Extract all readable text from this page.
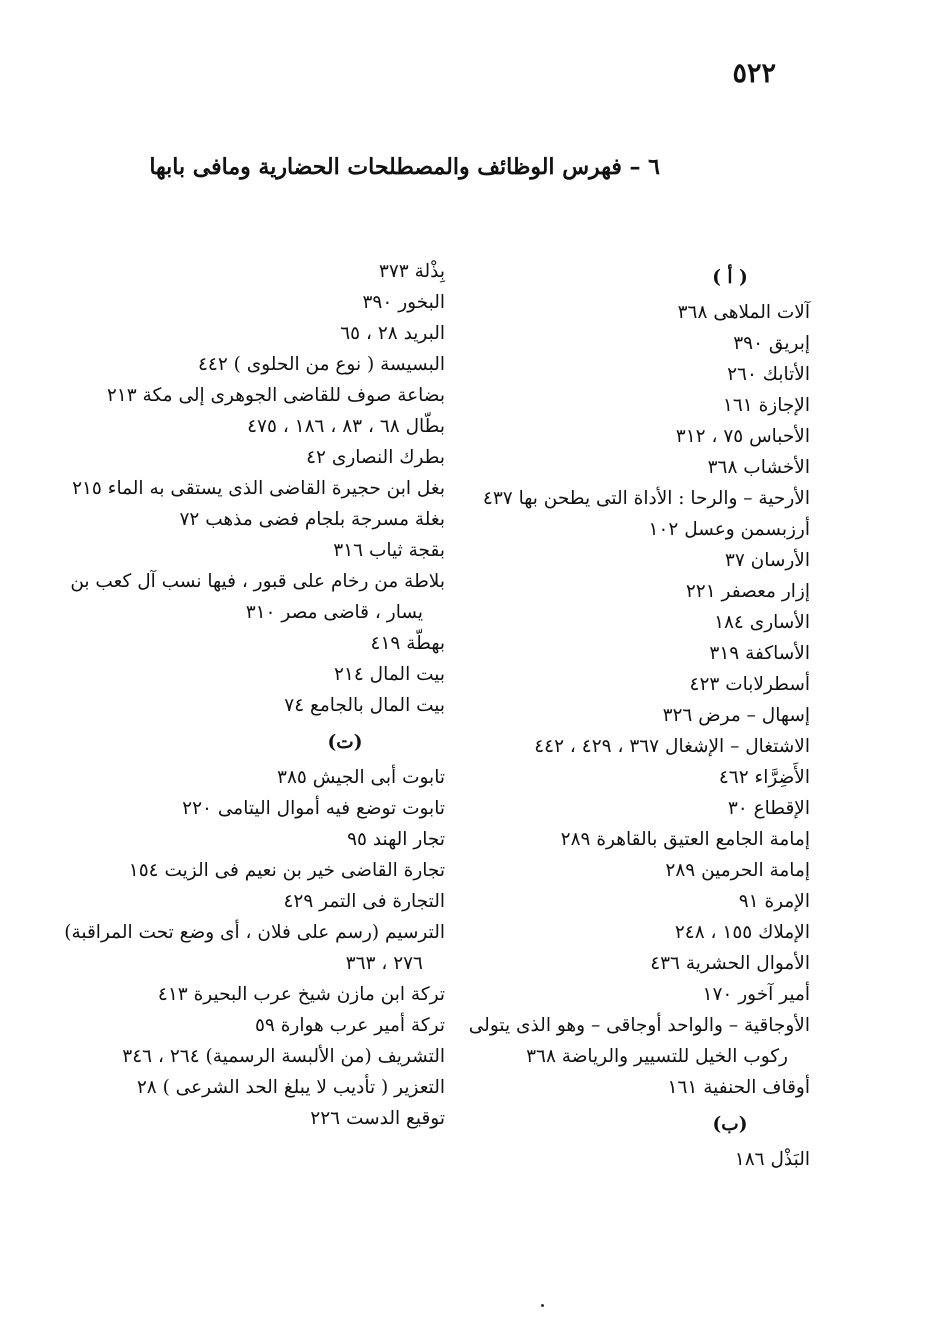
٥٢٢
٦ – فهرس الوظائف والمصطلحات الحضارية ومافى بابها
( أ )
آلات الملاهى ٣٦٨
إبريق ٣٩٠
الأتابك ٢٦٠
الإجازة ١٦١
الأحباس ٧٥ ، ٣١٢
الأخشاب ٣٦٨
الأرحية – والرحا : الأداة التى يطحن بها ٤٣٧
أرزبسمن وعسل ١٠٢
الأرسان ٣٧
إزار معصفر ٢٢١
الأسارى ١٨٤
الأساكفة ٣١٩
أسطرلابات ٤٢٣
إسهال – مرض ٣٢٦
الاشتغال – الإشغال ٣٦٧ ، ٤٢٩ ، ٤٤٢
الأَضِرَّاء ٤٦٢
الإقطاع ٣٠
إمامة الجامع العتيق بالقاهرة ٢٨٩
إمامة الحرمين ٢٨٩
الإمرة ٩١
الإملاك ١٥٥ ، ٢٤٨
الأموال الحشرية ٤٣٦
أمير آخور ١٧٠
الأوجاقية – والواحد أوجاقى – وهو الذى يتولى
ركوب الخيل للتسيير والرياضة ٣٦٨
أوقاف الحنفية ١٦١
(ب)
البَذْل ١٨٦
بِذْلة ٣٧٣
البخور ٣٩٠
البريد ٢٨ ، ٦٥
البسيسة ( نوع من الحلوى ) ٤٤٢
بضاعة صوف للقاضى الجوهرى إلى مكة ٢١٣
بطّال ٦٨ ، ٨٣ ، ١٨٦ ، ٤٧٥
بطرك النصارى ٤٢
بغل ابن حجيرة القاضى الذى يستقى به الماء ٢١٥
بغلة مسرجة بلجام فضى مذهب ٧٢
بقجة ثياب ٣١٦
بلاطة من رخام على قبور ، فيها نسب آل كعب بن
يسار ، قاضى مصر ٣١٠
بهطّة ٤١٩
بيت المال ٢١٤
بيت المال بالجامع ٧٤
(ت)
تابوت أبى الجيش ٣٨٥
تابوت توضع فيه أموال اليتامى ٢٢٠
تجار الهند ٩٥
تجارة القاضى خير بن نعيم فى الزيت ١٥٤
التجارة فى التمر ٤٢٩
الترسيم (رسم على فلان ، أى وضع تحت المراقبة)
٢٧٦ ، ٣٦٣
تركة ابن مازن شيخ عرب البحيرة ٤١٣
تركة أمير عرب هوارة ٥٩
التشريف (من الألبسة الرسمية) ٢٦٤ ، ٣٤٦
التعزير ( تأديب لا يبلغ الحد الشرعى ) ٢٨
توقيع الدست ٢٢٦
